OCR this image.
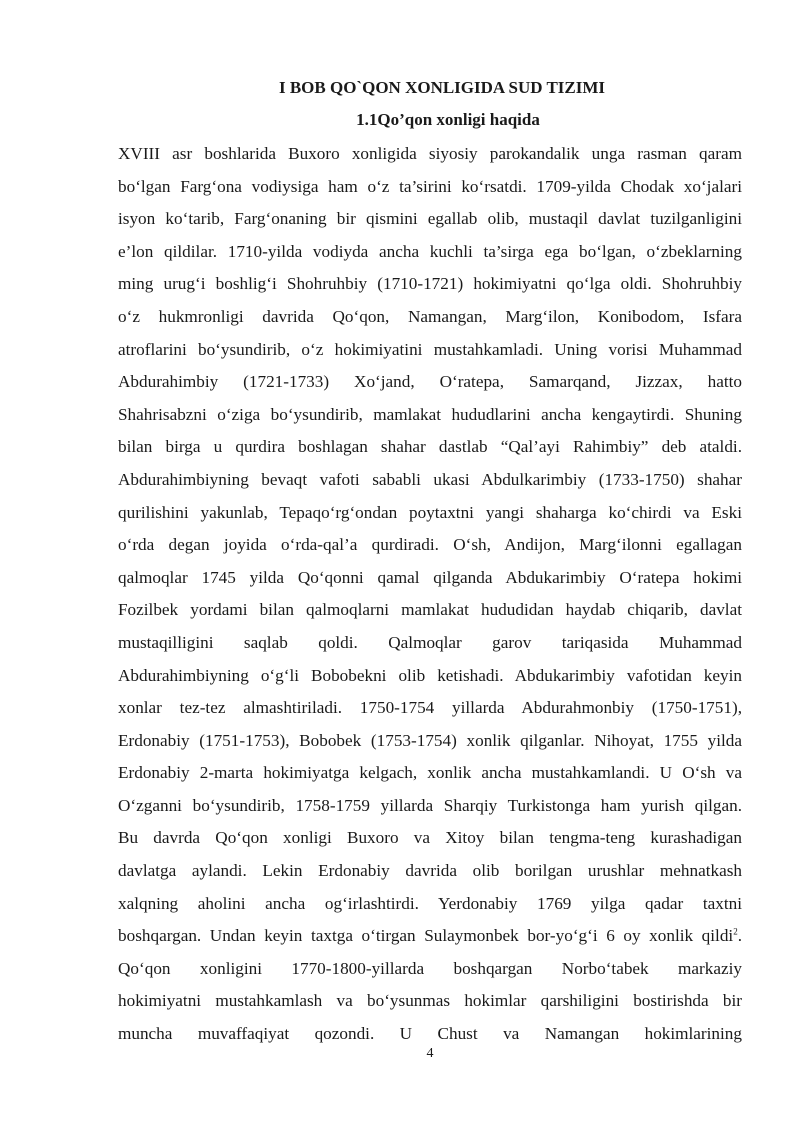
I BOB QO`QON XONLIGIDA SUD TIZIMI
1.1Qo’qon xonligi haqida
XVIII asr boshlarida Buxoro xonligida siyosiy parokandalik unga rasman qaram
bo‘lgan Farg‘ona vodiysiga ham o‘z ta’sirini ko‘rsatdi. 1709-yilda Chodak xo‘jalari
isyon ko‘tarib, Farg‘onaning bir qismini egallab olib, mustaqil davlat tuzilganligini
e’lon qildilar. 1710-yilda vodiyda ancha kuchli ta’sirga ega bo‘lgan, o‘zbeklarning
ming urug‘i boshlig‘i Shohruhbiy (1710-1721) hokimiyatni qo‘lga oldi. Shohruhbiy
o‘z hukmronligi davrida Qo‘qon, Namangan, Marg‘ilon, Konibodom, Isfara
atroflarini bo‘ysundirib, o‘z hokimiyatini mustahkamladi. Uning vorisi Muhammad
Abdurahimbiy (1721-1733) Xo‘jand, O‘ratepa, Samarqand, Jizzax, hatto
Shahrisabzni o‘ziga bo‘ysundirib, mamlakat hududlarini ancha kengaytirdi. Shuning
bilan birga u qurdira boshlagan shahar dastlab “Qal’ayi Rahimbiy” deb ataldi.
Abdurahimbiyning bevaqt vafoti sababli ukasi Abdulkarimbiy (1733-1750) shahar
qurilishini yakunlab, Tepaqo‘rg‘ondan poytaxtni yangi shaharga ko‘chirdi va Eski
o‘rda degan joyida o‘rda-qal’a qurdiradi. O‘sh, Andijon, Marg‘ilonni egallagan
qalmoqlar 1745 yilda Qo‘qonni qamal qilganda Abdukarimbiy O‘ratepa hokimi
Fozilbek yordami bilan qalmoqlarni mamlakat hududidan haydab chiqarib, davlat
mustaqilligini saqlab qoldi. Qalmoqlar garov tariqasida Muhammad
Abdurahimbiyning o‘g‘li Bobobekni olib ketishadi. Abdukarimbiy vafotidan keyin
xonlar tez-tez almashtiriladi. 1750-1754 yillarda Abdurahmonbiy (1750-1751),
Erdonabiy (1751-1753), Bobobek (1753-1754) xonlik qilganlar. Nihoyat, 1755 yilda
Erdonabiy 2-marta hokimiyatga kelgach, xonlik ancha mustahkamlandi. U O‘sh va
O‘zganni bo‘ysundirib, 1758-1759 yillarda Sharqiy Turkistonga ham yurish qilgan.
Bu davrda Qo‘qon xonligi Buxoro va Xitoy bilan tengma-teng kurashadigan
davlatga aylandi. Lekin Erdonabiy davrida olib borilgan urushlar mehnatkash
xalqning aholini ancha og‘irlashtirdi. Yerdonabiy 1769 yilga qadar taxtni
boshqargan. Undan keyin taxtga o‘tirgan Sulaymonbek bor-yo‘g‘i 6 oy xonlik qildi$^2$.
Qo‘qon xonligini 1770-1800-yillarda boshqargan Norbo‘tabek markaziy
hokimiyatni mustahkamlash va bo‘ysunmas hokimlar qarshiligini bostirishda bir
muncha muvaffaqiyat qozondi. U Chust va Namangan hokimlarining
4
